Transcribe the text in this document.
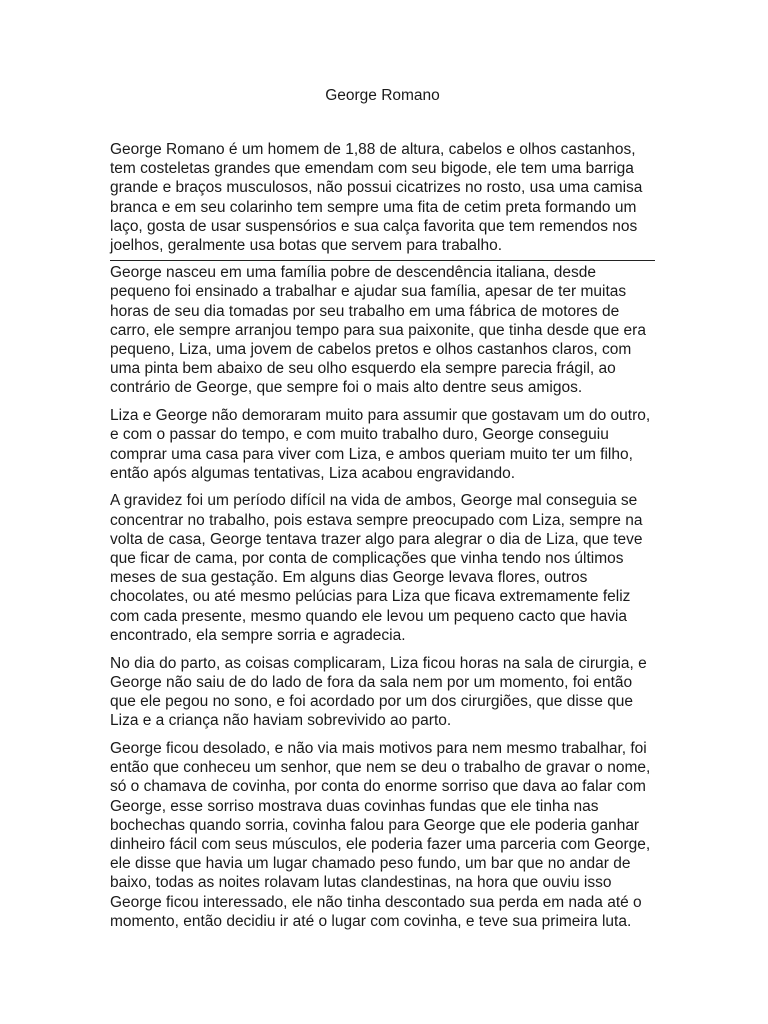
George Romano

George Romano é um homem de 1,88 de altura, cabelos e olhos castanhos,
tem costeletas grandes que emendam com seu bigode, ele tem uma barriga
grande e braços musculosos, não possui cicatrizes no rosto, usa uma camisa
branca e em seu colarinho tem sempre uma fita de cetim preta formando um
laço, gosta de usar suspensórios e sua calça favorita que tem remendos nos
joelhos, geralmente usa botas que servem para trabalho.

George nasceu em uma família pobre de descendência italiana, desde
pequeno foi ensinado a trabalhar e ajudar sua família, apesar de ter muitas
horas de seu dia tomadas por seu trabalho em uma fábrica de motores de
carro, ele sempre arranjou tempo para sua paixonite, que tinha desde que era
pequeno, Liza, uma jovem de cabelos pretos e olhos castanhos claros, com
uma pinta bem abaixo de seu olho esquerdo ela sempre parecia frágil, ao
contrário de George, que sempre foi o mais alto dentre seus amigos.

Liza e George não demoraram muito para assumir que gostavam um do outro,
e com o passar do tempo, e com muito trabalho duro, George conseguiu
comprar uma casa para viver com Liza, e ambos queriam muito ter um filho,
então após algumas tentativas, Liza acabou engravidando.

A gravidez foi um período difícil na vida de ambos, George mal conseguia se
concentrar no trabalho, pois estava sempre preocupado com Liza, sempre na
volta de casa, George tentava trazer algo para alegrar o dia de Liza, que teve
que ficar de cama, por conta de complicações que vinha tendo nos últimos
meses de sua gestação. Em alguns dias George levava flores, outros
chocolates, ou até mesmo pelúcias para Liza que ficava extremamente feliz
com cada presente, mesmo quando ele levou um pequeno cacto que havia
encontrado, ela sempre sorria e agradecia.

No dia do parto, as coisas complicaram, Liza ficou horas na sala de cirurgia, e
George não saiu de do lado de fora da sala nem por um momento, foi então
que ele pegou no sono, e foi acordado por um dos cirurgiões, que disse que
Liza e a criança não haviam sobrevivido ao parto.

George ficou desolado, e não via mais motivos para nem mesmo trabalhar, foi
então que conheceu um senhor, que nem se deu o trabalho de gravar o nome,
só o chamava de covinha, por conta do enorme sorriso que dava ao falar com
George, esse sorriso mostrava duas covinhas fundas que ele tinha nas
bochechas quando sorria, covinha falou para George que ele poderia ganhar
dinheiro fácil com seus músculos, ele poderia fazer uma parceria com George,
ele disse que havia um lugar chamado peso fundo, um bar que no andar de
baixo, todas as noites rolavam lutas clandestinas, na hora que ouviu isso
George ficou interessado, ele não tinha descontado sua perda em nada até o
momento, então decidiu ir até o lugar com covinha, e teve sua primeira luta.
